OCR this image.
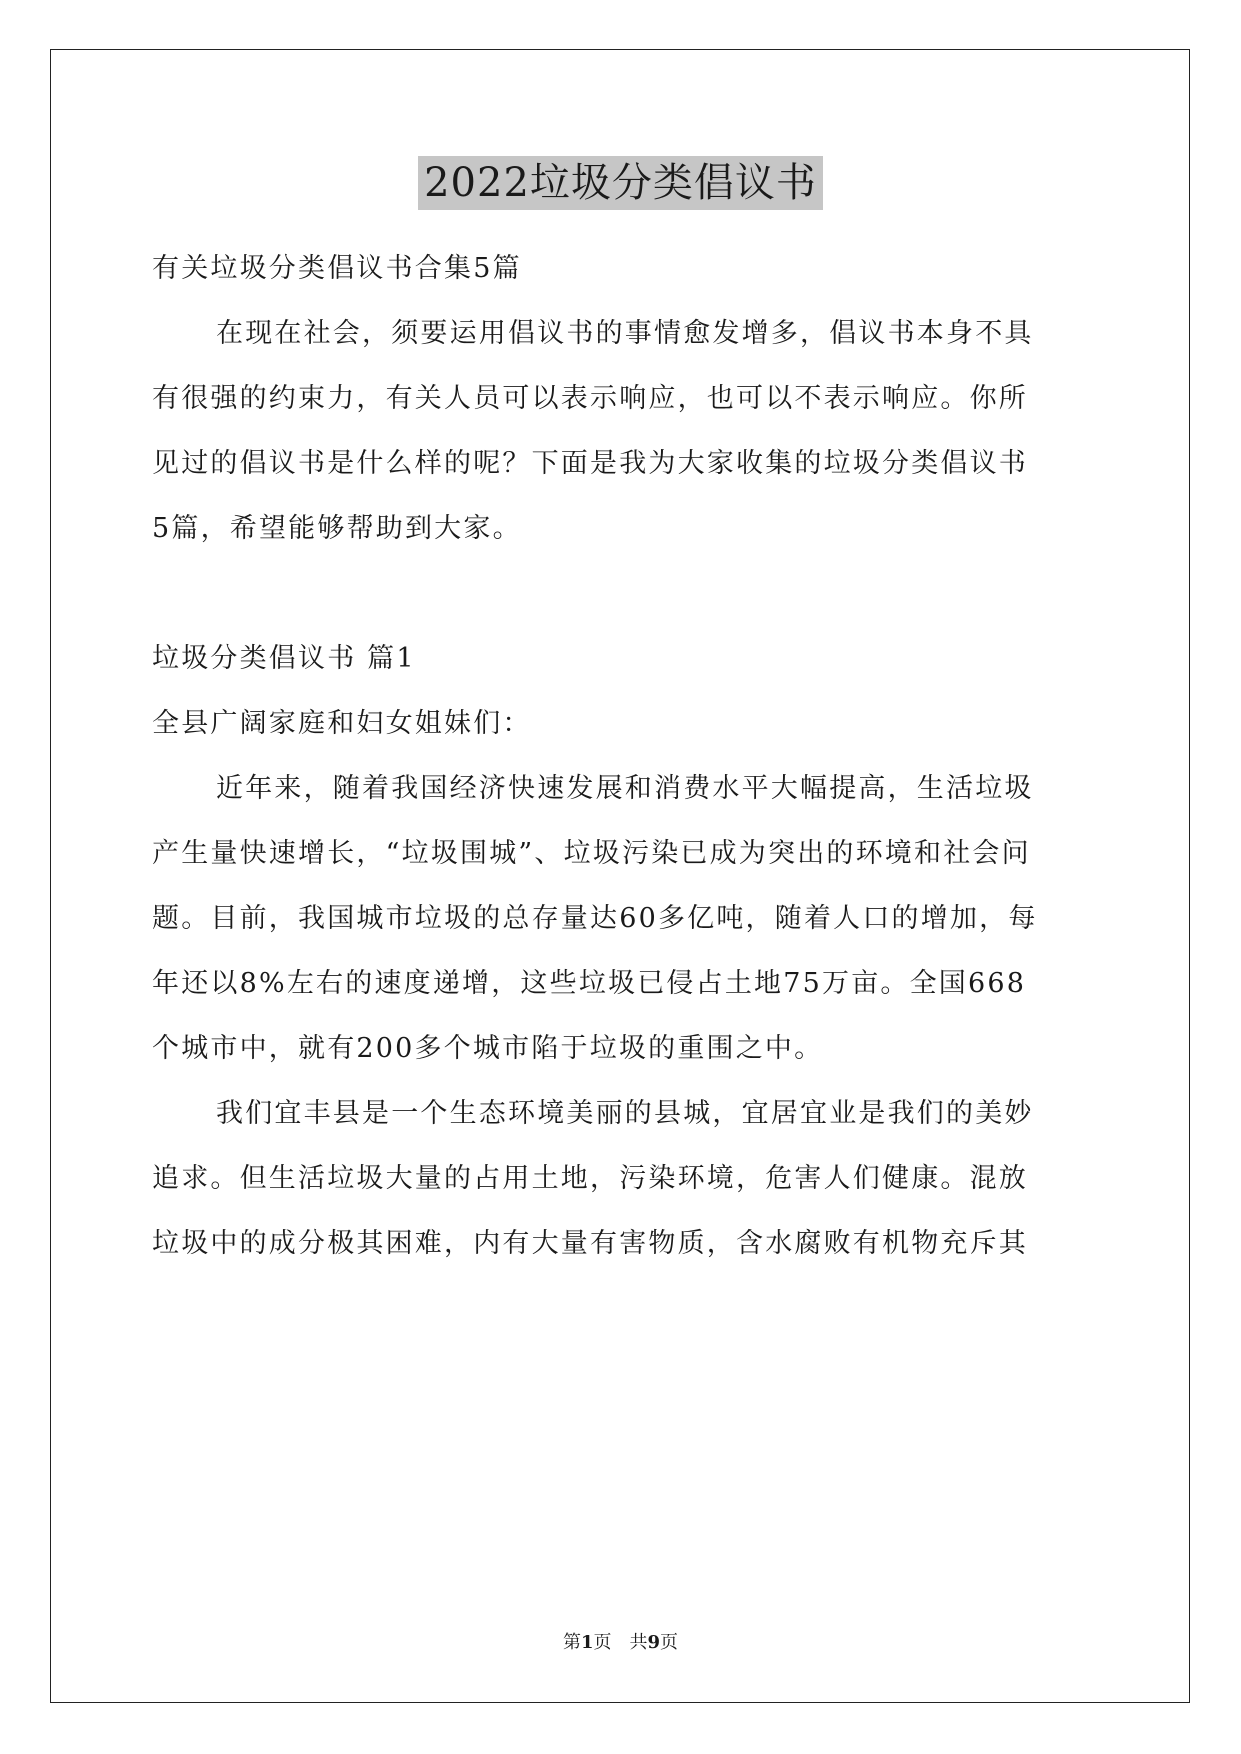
2022垃圾分类倡议书
有关垃圾分类倡议书合集5篇
在现在社会，须要运用倡议书的事情愈发增多，倡议书本身不具
有很强的约束力，有关人员可以表示响应，也可以不表示响应。你所
见过的倡议书是什么样的呢？下面是我为大家收集的垃圾分类倡议书
5篇，希望能够帮助到大家。
垃圾分类倡议书 篇1
全县广阔家庭和妇女姐妹们：
近年来，随着我国经济快速发展和消费水平大幅提高，生活垃圾
产生量快速增长，“垃圾围城”、垃圾污染已成为突出的环境和社会问
题。目前，我国城市垃圾的总存量达60多亿吨，随着人口的增加，每
年还以8%左右的速度递增，这些垃圾已侵占土地75万亩。全国668
个城市中，就有200多个城市陷于垃圾的重围之中。
我们宜丰县是一个生态环境美丽的县城，宜居宜业是我们的美妙
追求。但生活垃圾大量的占用土地，污染环境，危害人们健康。混放
垃圾中的成分极其困难，内有大量有害物质，含水腐败有机物充斥其
第1页　共9页
